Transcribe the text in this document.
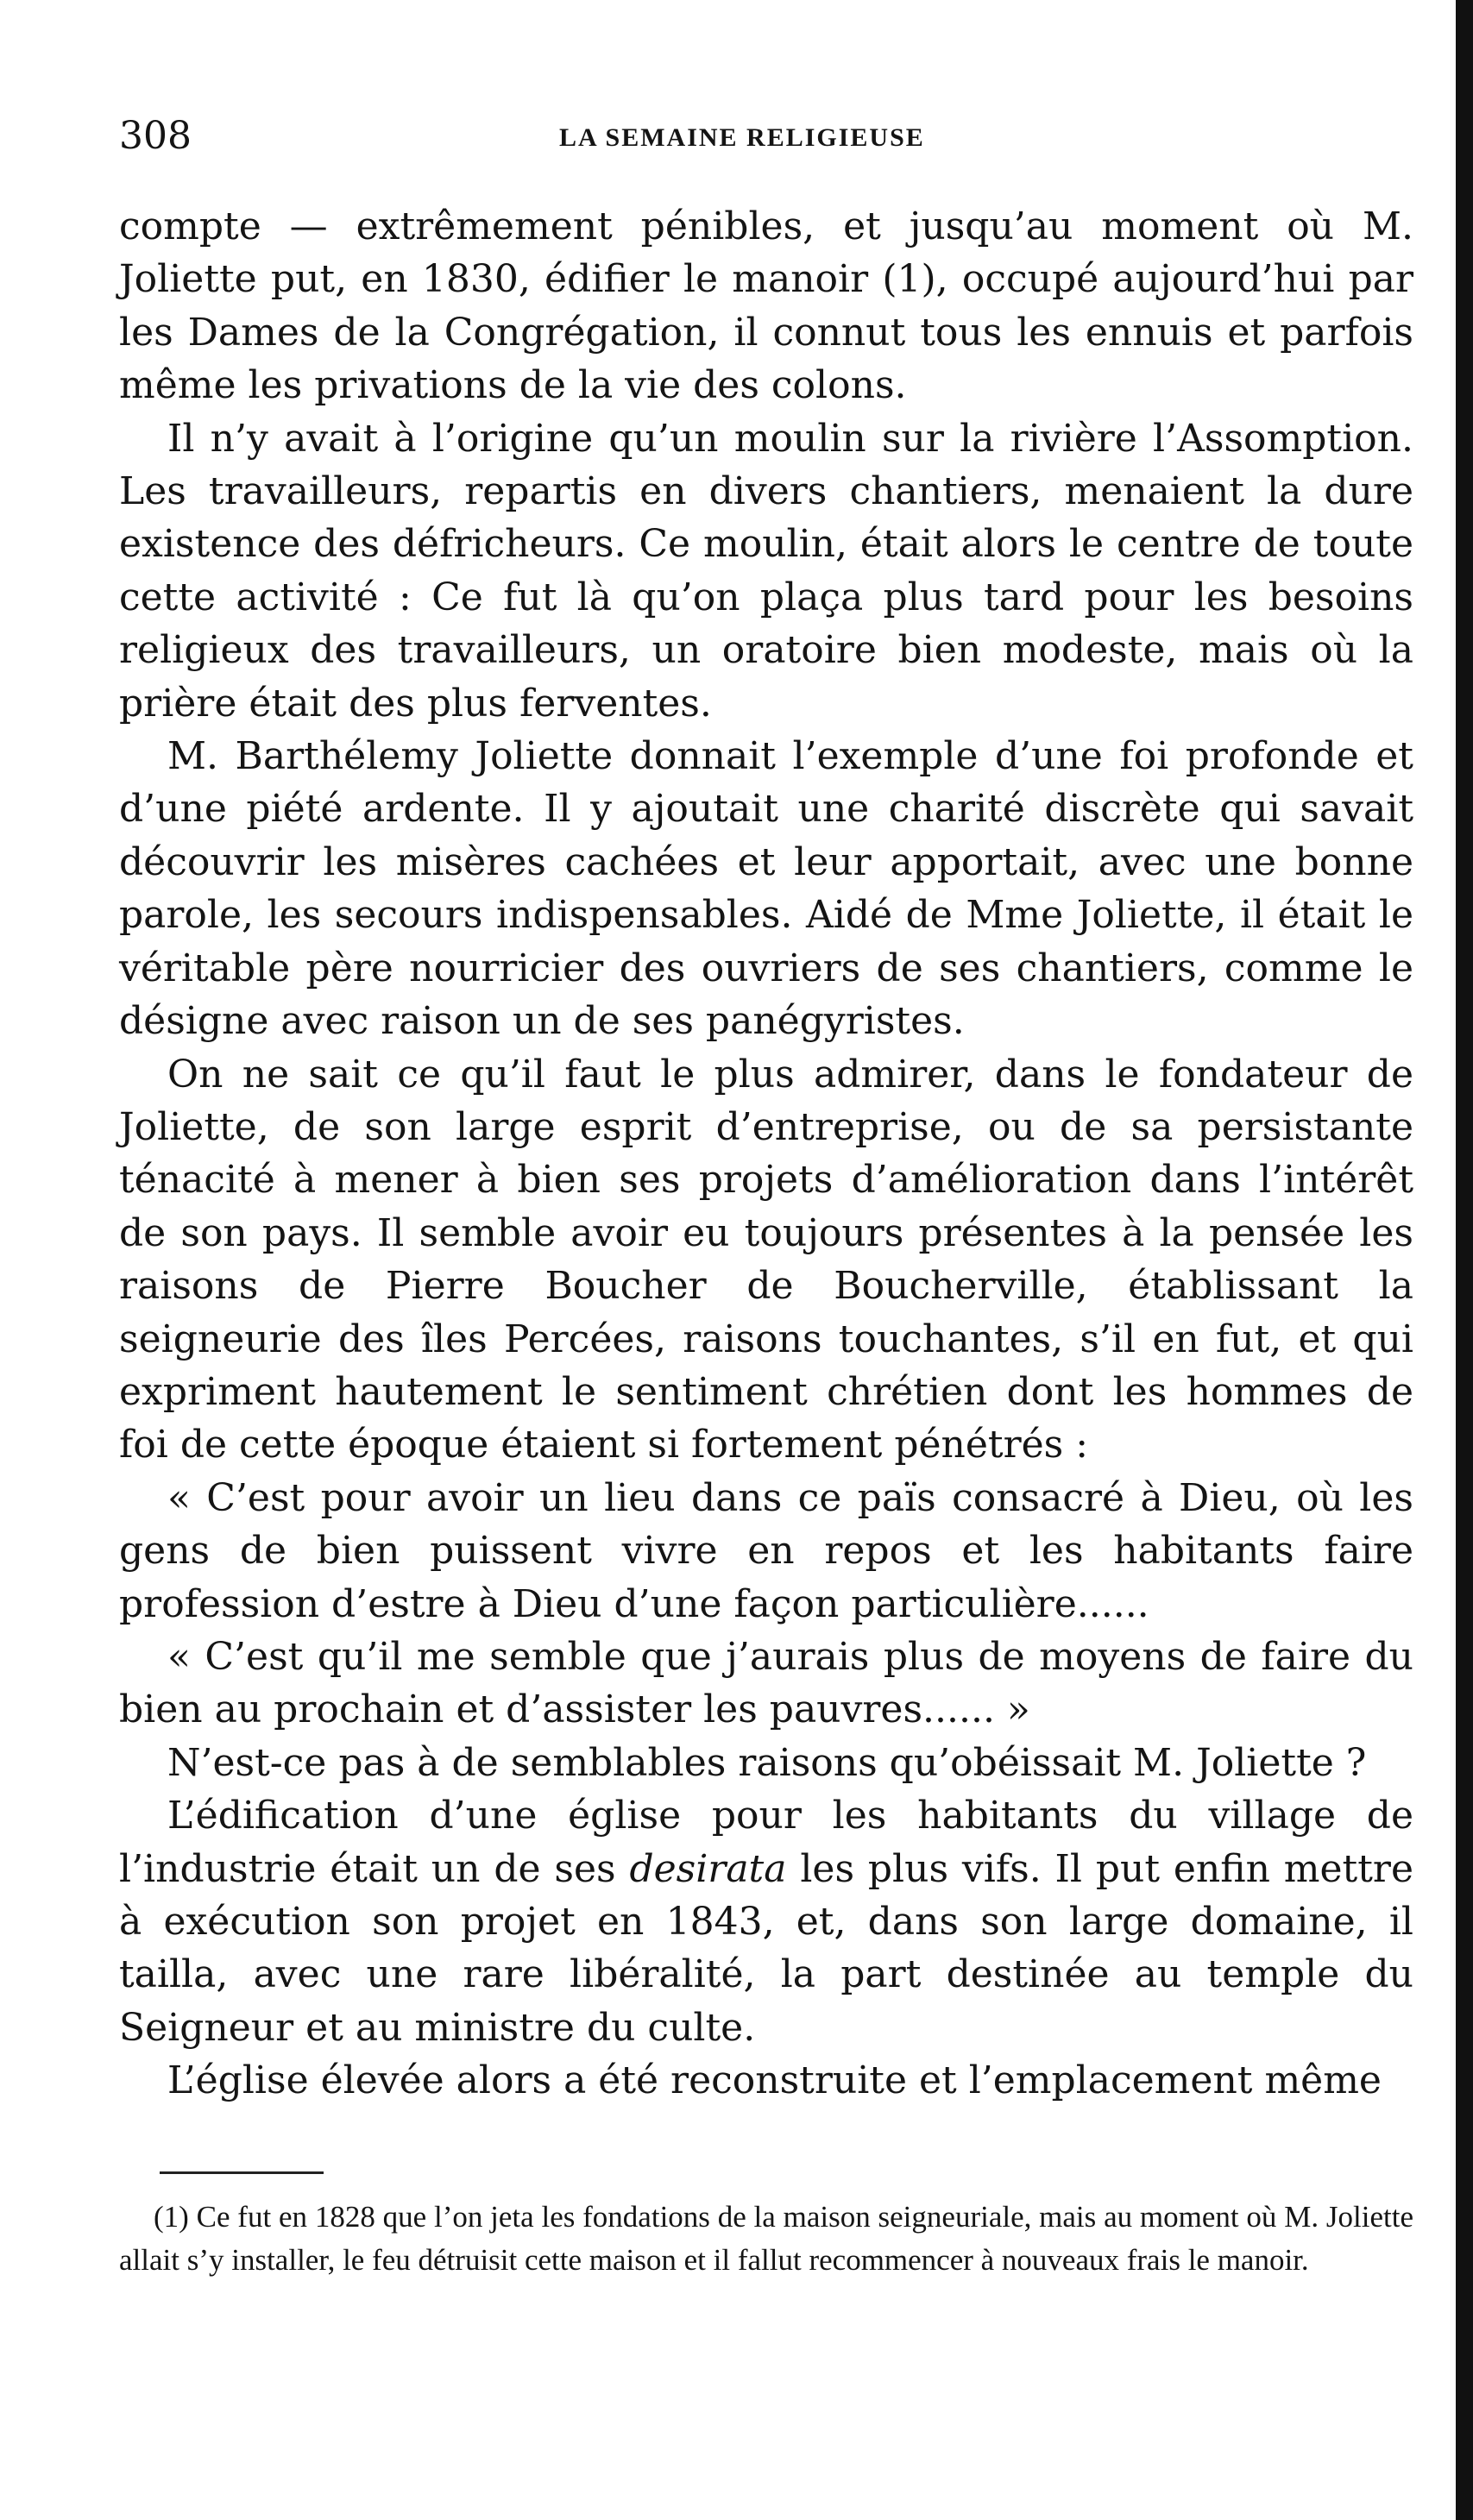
308	LA SEMAINE RELIGIEUSE

compte — extrêmement pénibles, et jusqu’au moment où M. Joliette put, en 1830, édifier le manoir (1), occupé aujourd’hui par les Dames de la Congrégation, il connut tous les ennuis et parfois même les privations de la vie des colons.

Il n’y avait à l’origine qu’un moulin sur la rivière l’Assomption. Les travailleurs, repartis en divers chantiers, menaient la dure existence des défricheurs. Ce moulin, était alors le centre de toute cette activité : Ce fut là qu’on plaça plus tard pour les besoins religieux des travailleurs, un oratoire bien modeste, mais où la prière était des plus ferventes.

M. Barthélemy Joliette donnait l’exemple d’une foi profonde et d’une piété ardente. Il y ajoutait une charité discrète qui savait découvrir les misères cachées et leur apportait, avec une bonne parole, les secours indispensables. Aidé de Mme Joliette, il était le véritable père nourricier des ouvriers de ses chantiers, comme le désigne avec raison un de ses panégyristes.

On ne sait ce qu’il faut le plus admirer, dans le fondateur de Joliette, de son large esprit d’entreprise, ou de sa persistante ténacité à mener à bien ses projets d’amélioration dans l’intérêt de son pays. Il semble avoir eu toujours présentes à la pensée les raisons de Pierre Boucher de Boucherville, établissant la seigneurie des îles Percées, raisons touchantes, s’il en fut, et qui expriment hautement le sentiment chrétien dont les hommes de foi de cette époque étaient si fortement pénétrés :

« C’est pour avoir un lieu dans ce païs consacré à Dieu, où les gens de bien puissent vivre en repos et les habitants faire profession d’estre à Dieu d’une façon particulière......

« C’est qu’il me semble que j’aurais plus de moyens de faire du bien au prochain et d’assister les pauvres...... »

N’est-ce pas à de semblables raisons qu’obéissait M. Joliette ?

L’édification d’une église pour les habitants du village de l’industrie était un de ses desirata les plus vifs. Il put enfin mettre à exécution son projet en 1843, et, dans son large domaine, il tailla, avec une rare libéralité, la part destinée au temple du Seigneur et au ministre du culte.

L’église élevée alors a été reconstruite et l’emplacement même

(1) Ce fut en 1828 que l’on jeta les fondations de la maison seigneuriale, mais au moment où M. Joliette allait s’y installer, le feu détruisit cette maison et il fallut recommencer à nouveaux frais le manoir.
